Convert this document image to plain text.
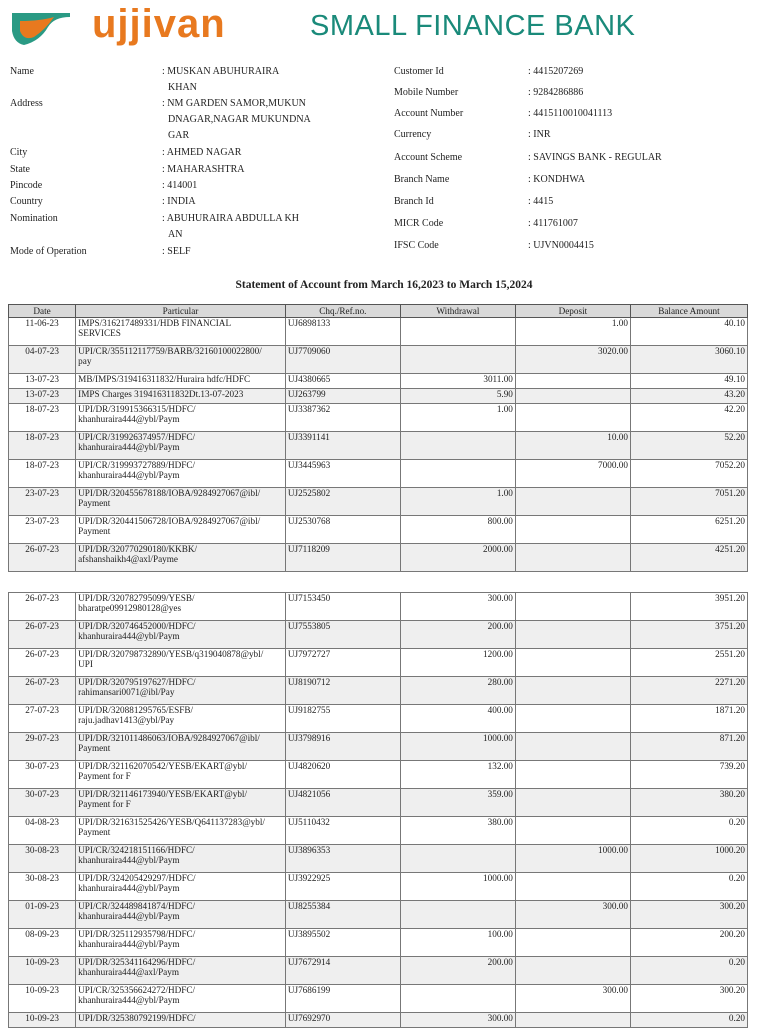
ujjivan	SMALL FINANCE BANK
Name	: MUSKAN ABUHURAIRA
KHAN
Address	: NM GARDEN SAMOR,MUKUN
DNAGAR,NAGAR MUKUNDNA
GAR
City	: AHMED NAGAR
State	: MAHARASHTRA
Pincode	: 414001
Country	: INDIA
Nomination	: ABUHURAIRA ABDULLA KH
AN
Mode of Operation	: SELF
Customer Id	: 4415207269
Mobile Number	: 9284286886
Account Number	: 4415110010041113
Currency	: INR
Account Scheme	: SAVINGS BANK - REGULAR
Branch Name	: KONDHWA
Branch Id	: 4415
MICR Code	: 411761007
IFSC Code	: UJVN0004415
Statement of Account from March 16,2023 to March 15,2024
Date	Particular	Chq./Ref.no.	Withdrawal	Deposit	Balance Amount
11-06-23	IMPS/316217489331/HDB FINANCIAL
SERVICES	UJ6898133		1.00	40.10
04-07-23	UPI/CR/355112117759/BARB/32160100022800/
pay	UJ7709060		3020.00	3060.10
13-07-23	MB/IMPS/319416311832/Huraira hdfc/HDFC	UJ4380665	3011.00		49.10
13-07-23	IMPS Charges 319416311832Dt.13-07-2023	UJ263799	5.90		43.20
18-07-23	UPI/DR/319915366315/HDFC/
khanhuraira444@ybl/Paym	UJ3387362	1.00		42.20
18-07-23	UPI/CR/319926374957/HDFC/
khanhuraira444@ybl/Paym	UJ3391141		10.00	52.20
18-07-23	UPI/CR/319993727889/HDFC/
khanhuraira444@ybl/Paym	UJ3445963		7000.00	7052.20
23-07-23	UPI/DR/320455678188/IOBA/9284927067@ibl/
Payment	UJ2525802	1.00		7051.20
23-07-23	UPI/DR/320441506728/IOBA/9284927067@ibl/
Payment	UJ2530768	800.00		6251.20
26-07-23	UPI/DR/320770290180/KKBK/
afshanshaikh4@axl/Payme	UJ7118209	2000.00		4251.20
26-07-23	UPI/DR/320782795099/YESB/
bharatpe09912980128@yes	UJ7153450	300.00		3951.20
26-07-23	UPI/DR/320746452000/HDFC/
khanhuraira444@ybl/Paym	UJ7553805	200.00		3751.20
26-07-23	UPI/DR/320798732890/YESB/q319040878@ybl/
UPI	UJ7972727	1200.00		2551.20
26-07-23	UPI/DR/320795197627/HDFC/
rahimansari0071@ibl/Pay	UJ8190712	280.00		2271.20
27-07-23	UPI/DR/320881295765/ESFB/
raju.jadhav1413@ybl/Pay	UJ9182755	400.00		1871.20
29-07-23	UPI/DR/321011486063/IOBA/9284927067@ibl/
Payment	UJ3798916	1000.00		871.20
30-07-23	UPI/DR/321162070542/YESB/EKART@ybl/
Payment for F	UJ4820620	132.00		739.20
30-07-23	UPI/DR/321146173940/YESB/EKART@ybl/
Payment for F	UJ4821056	359.00		380.20
04-08-23	UPI/DR/321631525426/YESB/Q641137283@ybl/
Payment	UJ5110432	380.00		0.20
30-08-23	UPI/CR/324218151166/HDFC/
khanhuraira444@ybl/Paym	UJ3896353		1000.00	1000.20
30-08-23	UPI/DR/324205429297/HDFC/
khanhuraira444@ybl/Paym	UJ3922925	1000.00		0.20
01-09-23	UPI/CR/324489841874/HDFC/
khanhuraira444@ybl/Paym	UJ8255384		300.00	300.20
08-09-23	UPI/DR/325112935798/HDFC/
khanhuraira444@ybl/Paym	UJ3895502	100.00		200.20
10-09-23	UPI/DR/325341164296/HDFC/
khanhuraira444@axl/Paym	UJ7672914	200.00		0.20
10-09-23	UPI/CR/325356624272/HDFC/
khanhuraira444@ybl/Paym	UJ7686199		300.00	300.20
10-09-23	UPI/DR/325380792199/HDFC/	UJ7692970	300.00		0.20
